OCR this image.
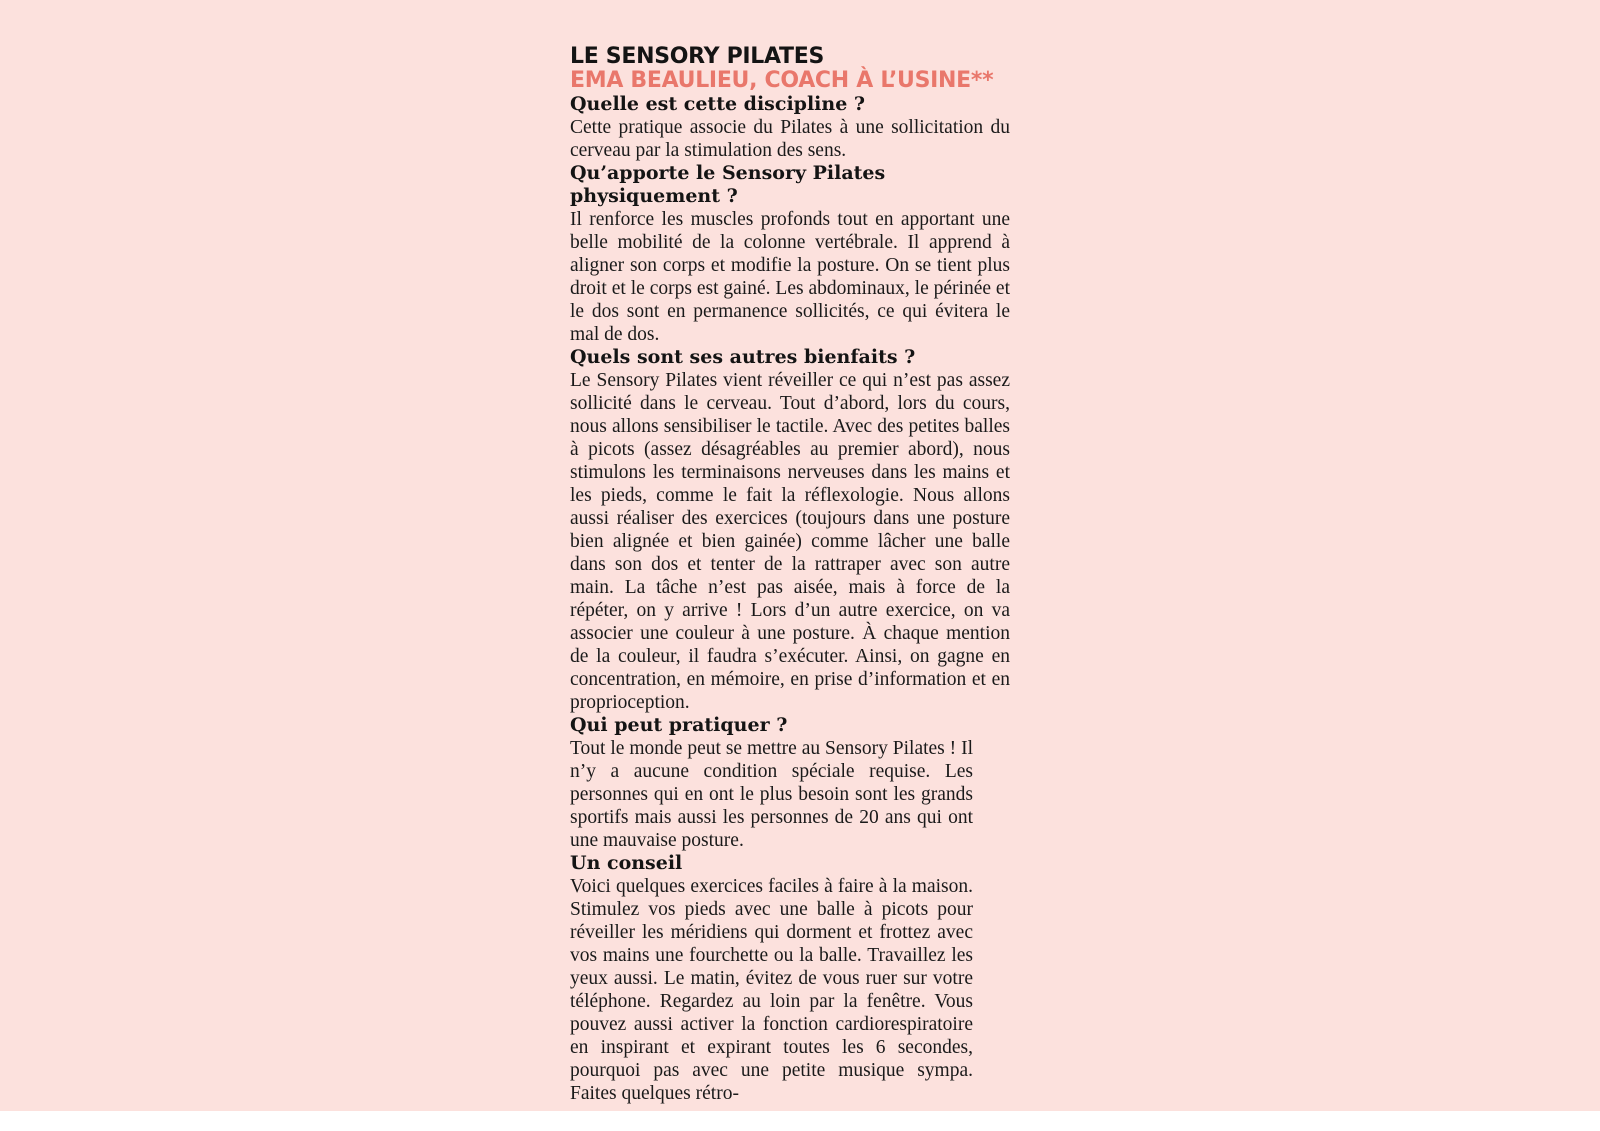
LE SENSORY PILATES
EMA BEAULIEU, COACH À L’USINE**
Quelle est cette discipline ?

Cette pratique associe du Pilates à une sollicitation du cerveau par la stimulation des sens.

Qu’apporte le Sensory Pilates physiquement ?

Il renforce les muscles profonds tout en apportant une belle mobilité de la colonne vertébrale. Il apprend à aligner son corps et modifie la posture. On se tient plus droit et le corps est gainé. Les abdominaux, le périnée et le dos sont en permanence sollicités, ce qui évitera le mal de dos.

Quels sont ses autres bienfaits ?

Le Sensory Pilates vient réveiller ce qui n’est pas assez sollicité dans le cerveau. Tout d’abord, lors du cours, nous allons sensibiliser le tactile. Avec des petites balles à picots (assez désagréables au premier abord), nous stimulons les terminaisons nerveuses dans les mains et les pieds, comme le fait la réflexologie. Nous allons aussi réaliser des exercices (toujours dans une posture bien alignée et bien gainée) comme lâcher une balle dans son dos et tenter de la rattraper avec son autre main. La tâche n’est pas aisée, mais à force de la répéter, on y arrive ! Lors d’un autre exercice, on va associer une couleur à une posture. À chaque mention de la couleur, il faudra s’exécuter. Ainsi, on gagne en concentration, en mémoire, en prise d’information et en proprioception.

Qui peut pratiquer ?

Tout le monde peut se mettre au Sensory Pilates ! Il n’y a aucune condition spéciale requise. Les personnes qui en ont le plus besoin sont les grands sportifs mais aussi les personnes de 20 ans qui ont une mauvaise posture.

Un conseil

Voici quelques exercices faciles à faire à la maison. Stimulez vos pieds avec une balle à picots pour réveiller les méridiens qui dorment et frottez avec vos mains une fourchette ou la balle. Travaillez les yeux aussi. Le matin, évitez de vous ruer sur votre téléphone. Regardez au loin par la fenêtre. Vous pouvez aussi activer la fonction cardiorespiratoire en inspirant et expirant toutes les 6 secondes, pourquoi pas avec une petite musique sympa. Faites quelques rétro-
